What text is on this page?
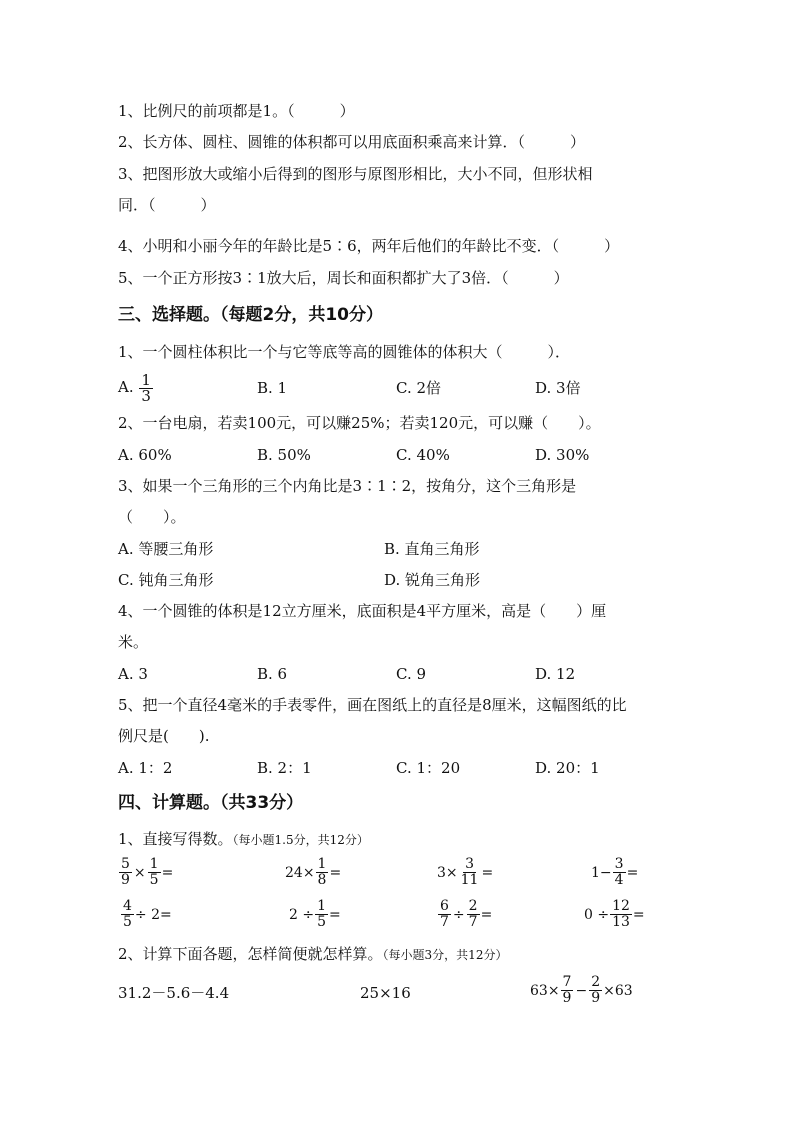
1、比例尺的前项都是1。（　　　）
2、长方体、圆柱、圆锥的体积都可以用底面积乘高来计算．（　　　）
3、把图形放大或缩小后得到的图形与原图形相比，大小不同，但形状相
同．（　　　）
4、小明和小丽今年的年龄比是5∶6，两年后他们的年龄比不变．（　　　）
5、一个正方形按3∶1放大后，周长和面积都扩大了3倍．（　　　）
三、选择题。（每题2分，共10分）
1、一个圆柱体积比一个与它等底等高的圆锥体的体积大（　　　）．
A. $\frac{1}{3}$	B. 1	C. 2倍	D. 3倍
2、一台电扇，若卖100元，可以赚25%；若卖120元，可以赚（　　）。
A. 60%	B. 50%	C. 40%	D. 30%
3、如果一个三角形的三个内角比是3∶1∶2，按角分，这个三角形是
（　　）。
A. 等腰三角形	B. 直角三角形
C. 钝角三角形	D. 锐角三角形
4、一个圆锥的体积是12立方厘米，底面积是4平方厘米，高是（　　）厘
米。
A. 3	B. 6	C. 9	D. 12
5、把一个直径4毫米的手表零件，画在图纸上的直径是8厘米，这幅图纸的比
例尺是(　　).
A. 1：2	B. 2：1	C. 1：20	D. 20：1
四、计算题。（共33分）
1、直接写得数。（每小题1.5分，共12分）
$\frac{5}{9} \times \frac{1}{5}$ =	$24\times \frac{1}{8}$ =	$3\times \frac{3}{11}$ =	$1- \frac{3}{4}$ =
$\frac{4}{5} \div 2=$	$2 \div \frac{1}{5}$ =	$\frac{6}{7} \div \frac{2}{7}$ =	$0 \div \frac{12}{13}$ =
2、计算下面各题，怎样简便就怎样算。（每小题3分，共12分）
31.2－5.6－4.4	25×16	$63\times \frac{7}{9} - \frac{2}{9} \times 63$
